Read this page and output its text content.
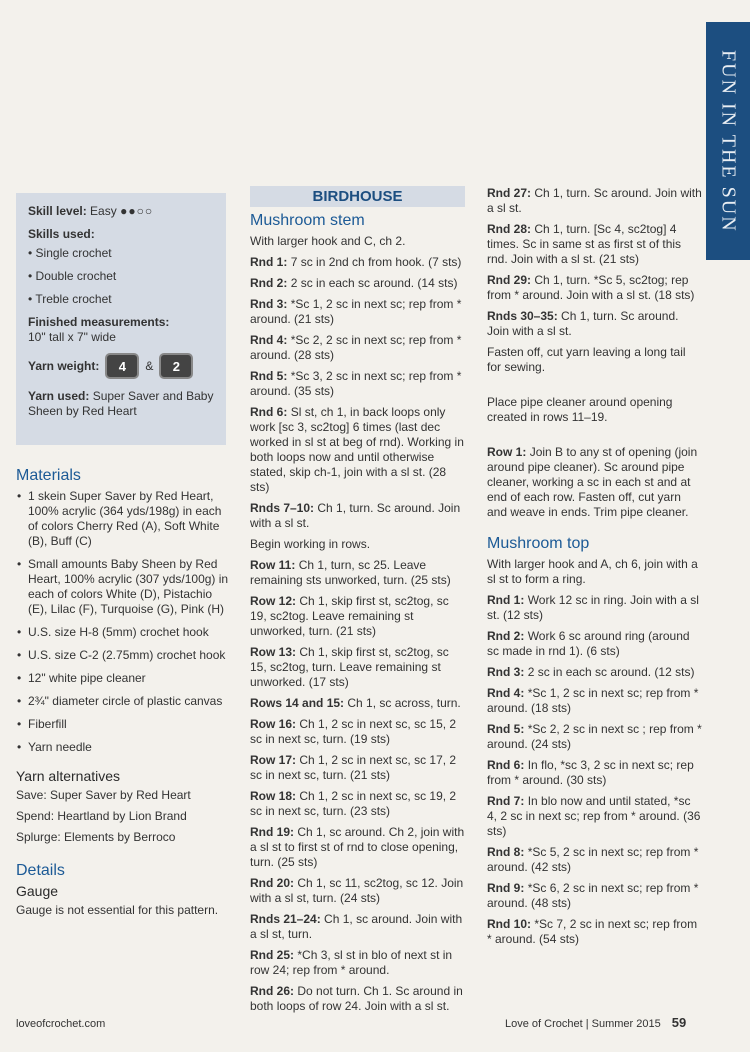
FUN IN THE SUN
Skill level: Easy ●●○○
Skills used:
• Single crochet
• Double crochet
• Treble crochet
Finished measurements:
10" tall x 7" wide
Yarn weight:	4	&	2
Yarn used: Super Saver and Baby Sheen by Red Heart
Materials
• 1 skein Super Saver by Red Heart, 100% acrylic (364 yds/198g) in each of colors Cherry Red (A), Soft White (B), Buff (C)
• Small amounts Baby Sheen by Red Heart, 100% acrylic (307 yds/100g) in each of colors White (D), Pistachio (E), Lilac (F), Turquoise (G), Pink (H)
• U.S. size H-8 (5mm) crochet hook
• U.S. size C-2 (2.75mm) crochet hook
• 12" white pipe cleaner
• 2¾" diameter circle of plastic canvas
• Fiberfill
• Yarn needle
Yarn alternatives
Save: Super Saver by Red Heart
Spend: Heartland by Lion Brand
Splurge: Elements by Berroco
Details
Gauge
Gauge is not essential for this pattern.
BIRDHOUSE
Mushroom stem

With larger hook and C, ch 2.

Rnd 1: 7 sc in 2nd ch from hook. (7 sts)

Rnd 2: 2 sc in each sc around. (14 sts)

Rnd 3: *Sc 1, 2 sc in next sc; rep from * around. (21 sts)

Rnd 4: *Sc 2, 2 sc in next sc; rep from * around. (28 sts)

Rnd 5: *Sc 3, 2 sc in next sc; rep from * around. (35 sts)

Rnd 6: Sl st, ch 1, in back loops only work [sc 3, sc2tog] 6 times (last dec worked in sl st at beg of rnd). Working in both loops now and until otherwise stated, skip ch-1, join with a sl st. (28 sts)

Rnds 7–10: Ch 1, turn. Sc around. Join with a sl st.

Begin working in rows.

Row 11: Ch 1, turn, sc 25. Leave remaining sts unworked, turn. (25 sts)

Row 12: Ch 1, skip first st, sc2tog, sc 19, sc2tog. Leave remaining st unworked, turn. (21 sts)

Row 13: Ch 1, skip first st, sc2tog, sc 15, sc2tog, turn. Leave remaining st unworked. (17 sts)

Rows 14 and 15: Ch 1, sc across, turn.

Row 16: Ch 1, 2 sc in next sc, sc 15, 2 sc in next sc, turn. (19 sts)

Row 17: Ch 1, 2 sc in next sc, sc 17, 2 sc in next sc, turn. (21 sts)

Row 18: Ch 1, 2 sc in next sc, sc 19, 2 sc in next sc, turn. (23 sts)

Rnd 19: Ch 1, sc around. Ch 2, join with a sl st to first st of rnd to close opening, turn. (25 sts)

Rnd 20: Ch 1, sc 11, sc2tog, sc 12. Join with a sl st, turn. (24 sts)

Rnds 21–24: Ch 1, sc around. Join with a sl st, turn.

Rnd 25: *Ch 3, sl st in blo of next st in row 24; rep from * around.

Rnd 26: Do not turn. Ch 1. Sc around in both loops of row 24. Join with a sl st.

Rnd 27: Ch 1, turn. Sc around. Join with a sl st.

Rnd 28: Ch 1, turn. [Sc 4, sc2tog] 4 times. Sc in same st as first st of this rnd. Join with a sl st. (21 sts)

Rnd 29: Ch 1, turn. *Sc 5, sc2tog; rep from * around. Join with a sl st. (18 sts)

Rnds 30–35: Ch 1, turn. Sc around. Join with a sl st.

Fasten off, cut yarn leaving a long tail for sewing.

Place pipe cleaner around opening created in rows 11–19.

Row 1: Join B to any st of opening (join around pipe cleaner). Sc around pipe cleaner, working a sc in each st and at end of each row. Fasten off, cut yarn and weave in ends. Trim pipe cleaner.

Mushroom top

With larger hook and A, ch 6, join with a sl st to form a ring.

Rnd 1: Work 12 sc in ring. Join with a sl st. (12 sts)

Rnd 2: Work 6 sc around ring (around sc made in rnd 1). (6 sts)

Rnd 3: 2 sc in each sc around. (12 sts)

Rnd 4: *Sc 1, 2 sc in next sc; rep from * around. (18 sts)

Rnd 5: *Sc 2, 2 sc in next sc ; rep from * around. (24 sts)

Rnd 6: In flo, *sc 3, 2 sc in next sc; rep from * around. (30 sts)

Rnd 7: In blo now and until stated, *sc 4, 2 sc in next sc; rep from * around. (36 sts)

Rnd 8: *Sc 5, 2 sc in next sc; rep from * around. (42 sts)

Rnd 9: *Sc 6, 2 sc in next sc; rep from * around. (48 sts)

Rnd 10: *Sc 7, 2 sc in next sc; rep from * around. (54 sts)

loveofcrochet.com	Love of Crochet | Summer 2015 59
